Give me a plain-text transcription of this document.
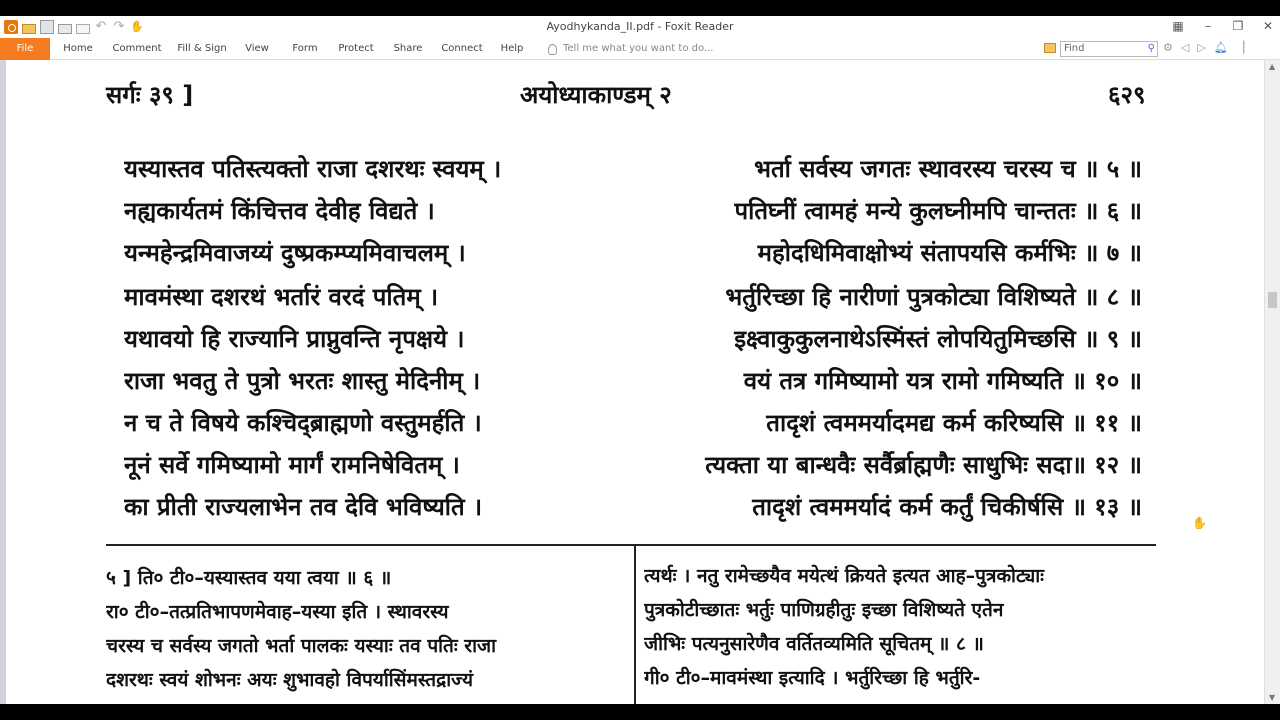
↶ ↷ ✋	Ayodhykanda_II.pdf - Foxit Reader	▦	–	❐ ✕
File	Home	Comment Fill & Sign	View	Form	Protect	Share	Connect	Help	Tell me what you want to do...	Find	⚲ ⚙ ◁ ▷ 🔔︎ ▕
सर्गः ३९ ]	अयोध्याकाण्डम् २	६२९
यस्यास्तव पतिस्त्यक्तो राजा दशरथः स्वयम् ।	भर्ता सर्वस्य जगतः स्थावरस्य चरस्य च ॥ ५ ॥
नह्यकार्यतमं किंचित्तव देवीह विद्यते ।	पतिघ्नीं त्वामहं मन्ये कुलघ्नीमपि चान्ततः ॥ ६ ॥
यन्महेन्द्रमिवाजय्यं दुष्प्रकम्प्यमिवाचलम् ।	महोदधिमिवाक्षोभ्यं संतापयसि कर्मभिः ॥ ७ ॥
मावमंस्था दशरथं भर्तारं वरदं पतिम् ।	भर्तुरिच्छा हि नारीणां पुत्रकोट्या विशिष्यते ॥ ८ ॥
यथावयो हि राज्यानि प्राप्नुवन्ति नृपक्षये ।	इक्ष्वाकुकुलनाथेऽस्मिंस्तं लोपयितुमिच्छसि ॥ ९ ॥
राजा भवतु ते पुत्रो भरतः शास्तु मेदिनीम् ।	वयं तत्र गमिष्यामो यत्र रामो गमिष्यति ॥ १० ॥
न च ते विषये कश्चिद्ब्राह्मणो वस्तुमर्हति ।	तादृशं त्वममर्यादमद्य कर्म करिष्यसि ॥ ११ ॥
नूनं सर्वे गमिष्यामो मार्गं रामनिषेवितम् ।	त्यक्ता या बान्धवैः सर्वैर्ब्राह्मणैः साधुभिः सदा॥ १२ ॥
का प्रीती राज्यलाभेन तव देवि भविष्यति ।	तादृशं त्वममर्यादं कर्म कर्तुं चिकीर्षसि ॥ १३ ॥
५ ] ति० टी०–यस्यास्तव यया त्वया ॥ ६ ॥
रा० टी०–तत्प्रतिभापणमेवाह–यस्या इति । स्थावरस्य
चरस्य च सर्वस्य जगतो भर्ता पालकः यस्याः तव पतिः राजा
दशरथः स्वयं शोभनः अयः शुभावहो विपर्यासिंमस्तद्राज्यं
त्यर्थः । नतु रामेच्छयैव मयेत्थं क्रियते इत्यत आह–पुत्रकोट्याः
पुत्रकोटीच्छातः भर्तुः पाणिग्रहीतुः इच्छा विशिष्यते एतेन
जीभिः पत्यनुसारेणैव वर्तितव्यमिति सूचितम् ॥ ८ ॥
गी० टी०–मावमंस्था इत्यादि । भर्तुरिच्छा हि भर्तुरि-
✋
▲
▼
